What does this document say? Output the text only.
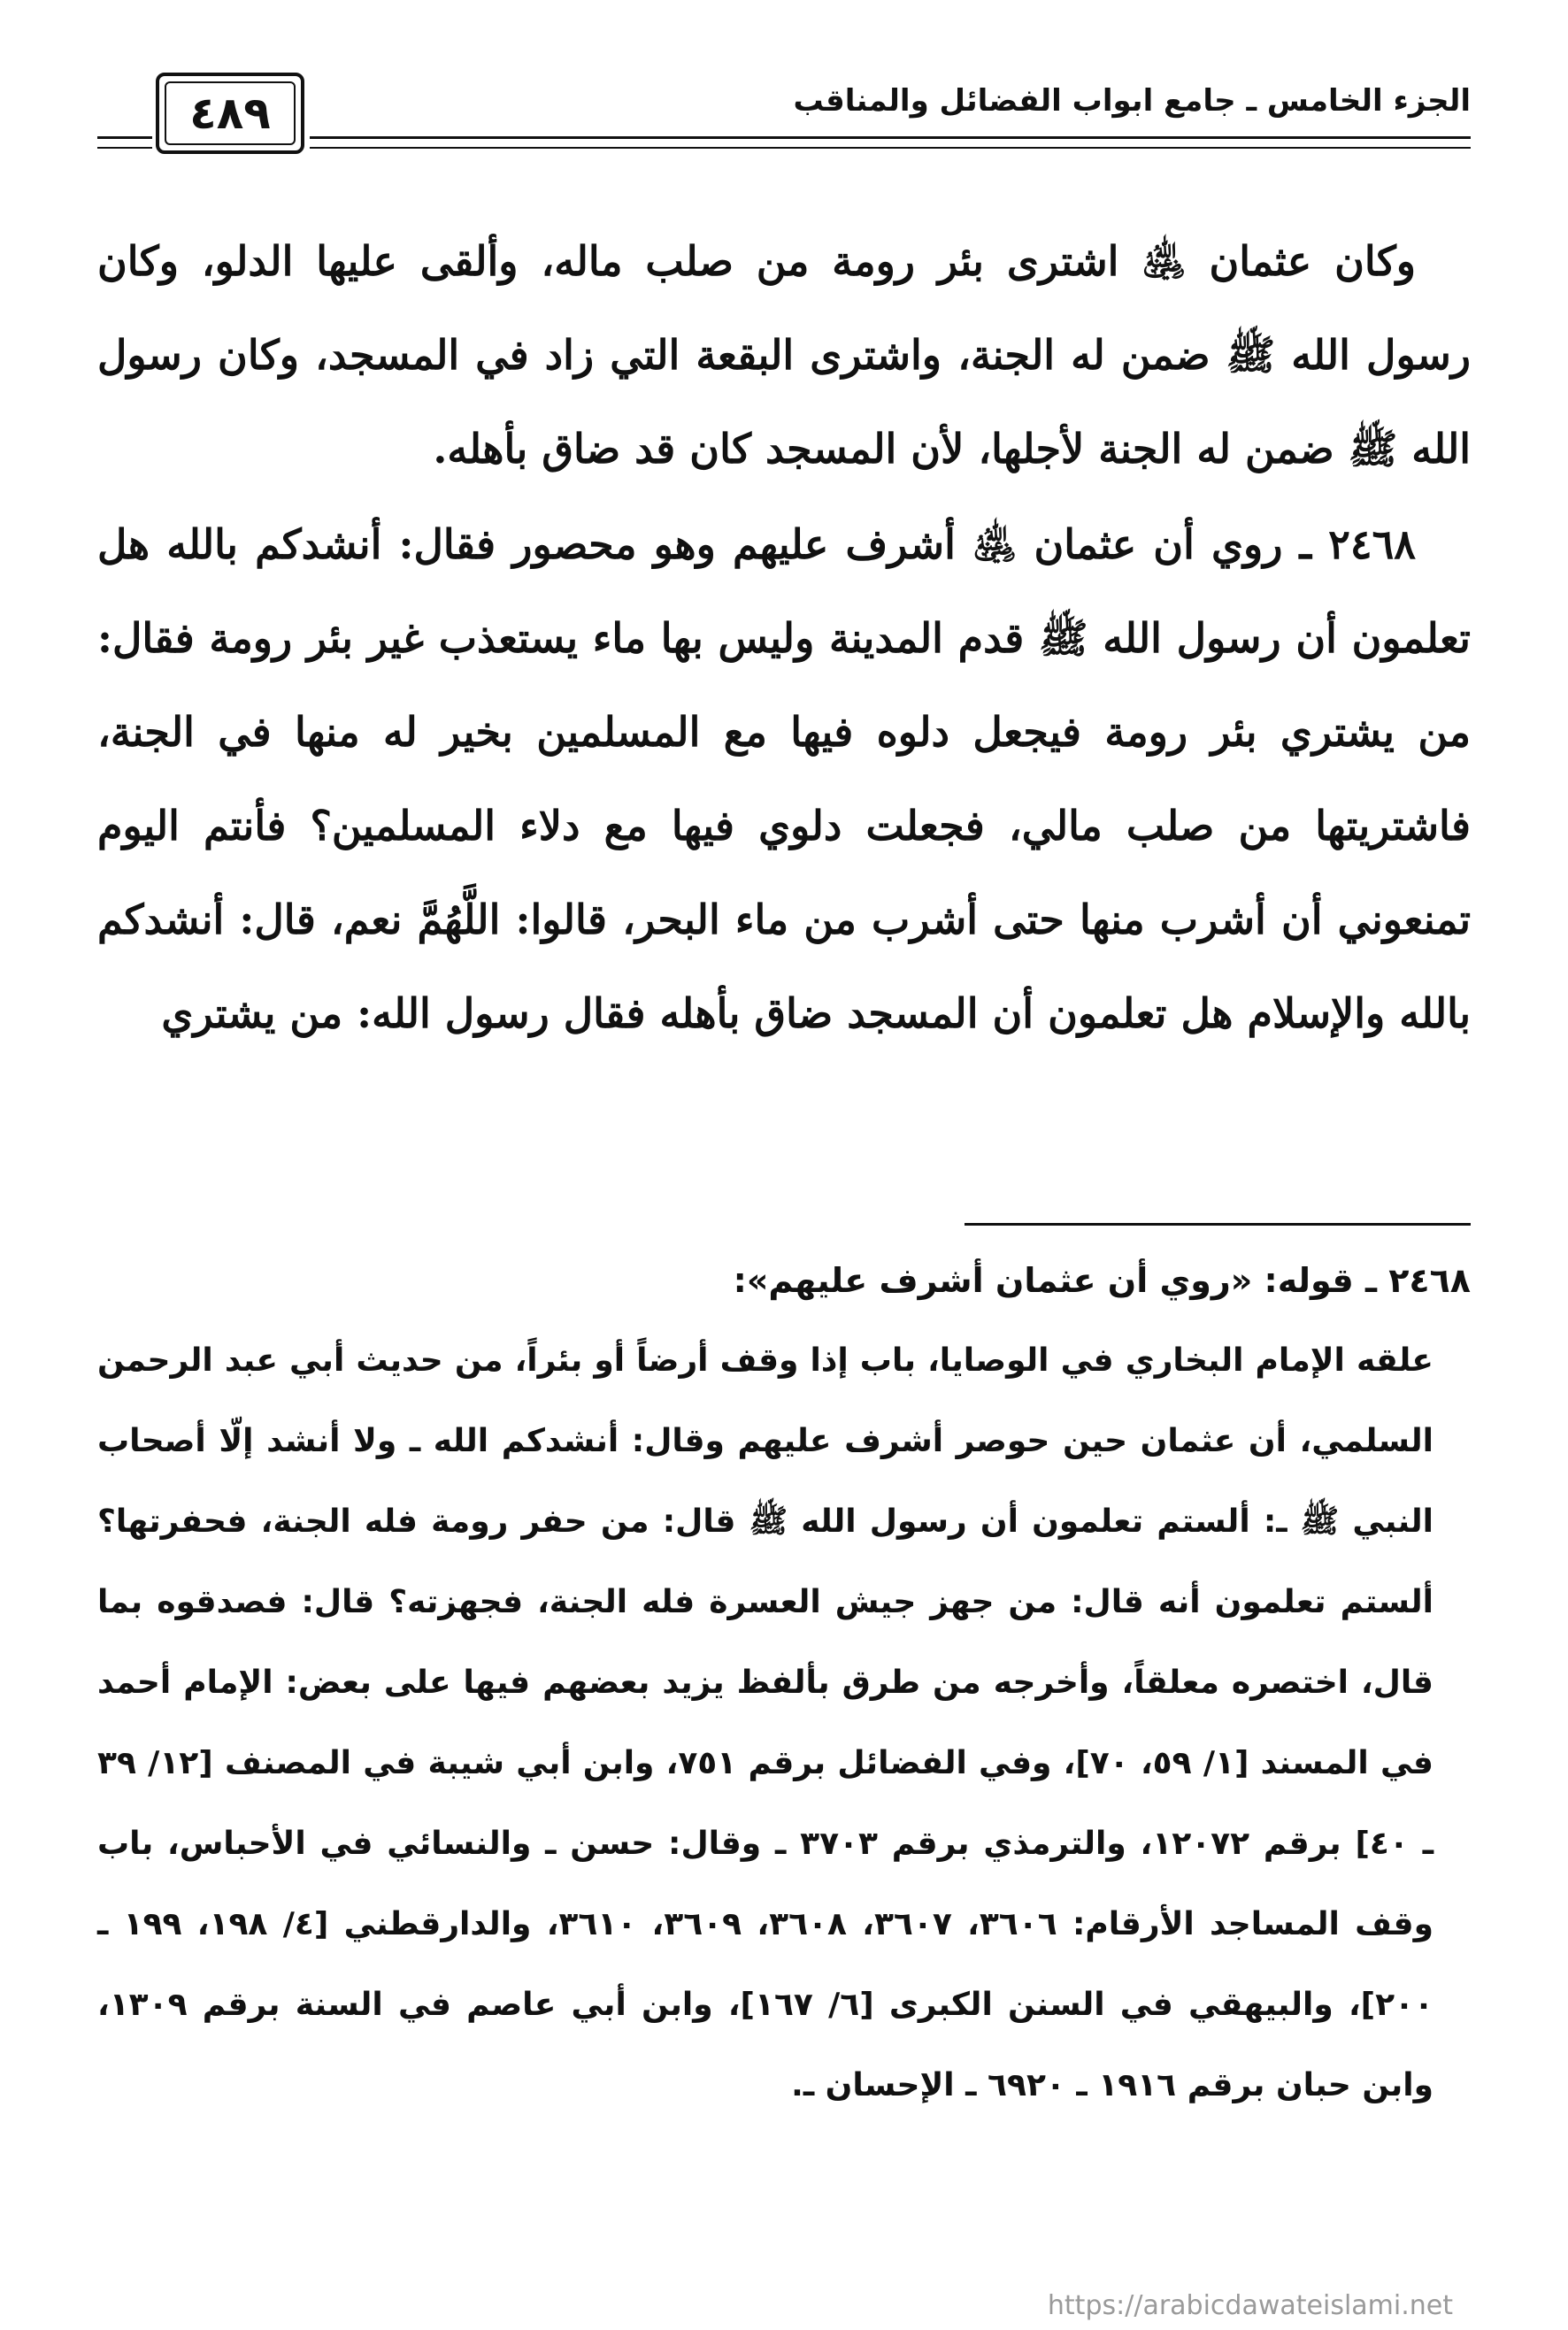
الجزء الخامس ـ جامع ابواب الفضائل والمناقب
٤٨٩

وكان عثمان ﵁ اشترى بئر رومة من صلب ماله، وألقى عليها الدلو، وكان رسول الله ﷺ ضمن له الجنة، واشترى البقعة التي زاد في المسجد، وكان رسول الله ﷺ ضمن له الجنة لأجلها، لأن المسجد كان قد ضاق بأهله.

٢٤٦٨ ـ روي أن عثمان ﵁ أشرف عليهم وهو محصور فقال: أنشدكم بالله هل تعلمون أن رسول الله ﷺ قدم المدينة وليس بها ماء يستعذب غير بئر رومة فقال: من يشتري بئر رومة فيجعل دلوه فيها مع المسلمين بخير له منها في الجنة، فاشتريتها من صلب مالي، فجعلت دلوي فيها مع دلاء المسلمين؟ فأنتم اليوم تمنعوني أن أشرب منها حتى أشرب من ماء البحر، قالوا: اللَّهُمَّ نعم، قال: أنشدكم بالله والإسلام هل تعلمون أن المسجد ضاق بأهله فقال رسول الله: من يشتري

٢٤٦٨ ـ قوله: «روي أن عثمان أشرف عليهم»:

علقه الإمام البخاري في الوصايا، باب إذا وقف أرضاً أو بئراً، من حديث أبي عبد الرحمن السلمي، أن عثمان حين حوصر أشرف عليهم وقال: أنشدكم الله ـ ولا أنشد إلّا أصحاب النبي ﷺ ـ: ألستم تعلمون أن رسول الله ﷺ قال: من حفر رومة فله الجنة، فحفرتها؟ ألستم تعلمون أنه قال: من جهز جيش العسرة فله الجنة، فجهزته؟ قال: فصدقوه بما قال، اختصره معلقاً، وأخرجه من طرق بألفظ يزيد بعضهم فيها على بعض: الإمام أحمد في المسند [١/ ٥٩، ٧٠]، وفي الفضائل برقم ٧٥١، وابن أبي شيبة في المصنف [١٢/ ٣٩ ـ ٤٠] برقم ١٢٠٧٢، والترمذي برقم ٣٧٠٣ ـ وقال: حسن ـ والنسائي في الأحباس، باب وقف المساجد الأرقام: ٣٦٠٦، ٣٦٠٧، ٣٦٠٨، ٣٦٠٩، ٣٦١٠، والدارقطني [٤/ ١٩٨، ١٩٩ ـ ٢٠٠]، والبيهقي في السنن الكبرى [٦/ ١٦٧]، وابن أبي عاصم في السنة برقم ١٣٠٩، وابن حبان برقم ١٩١٦ ـ ٦٩٢٠ ـ الإحسان ـ.

https://arabicdawateislami.net
